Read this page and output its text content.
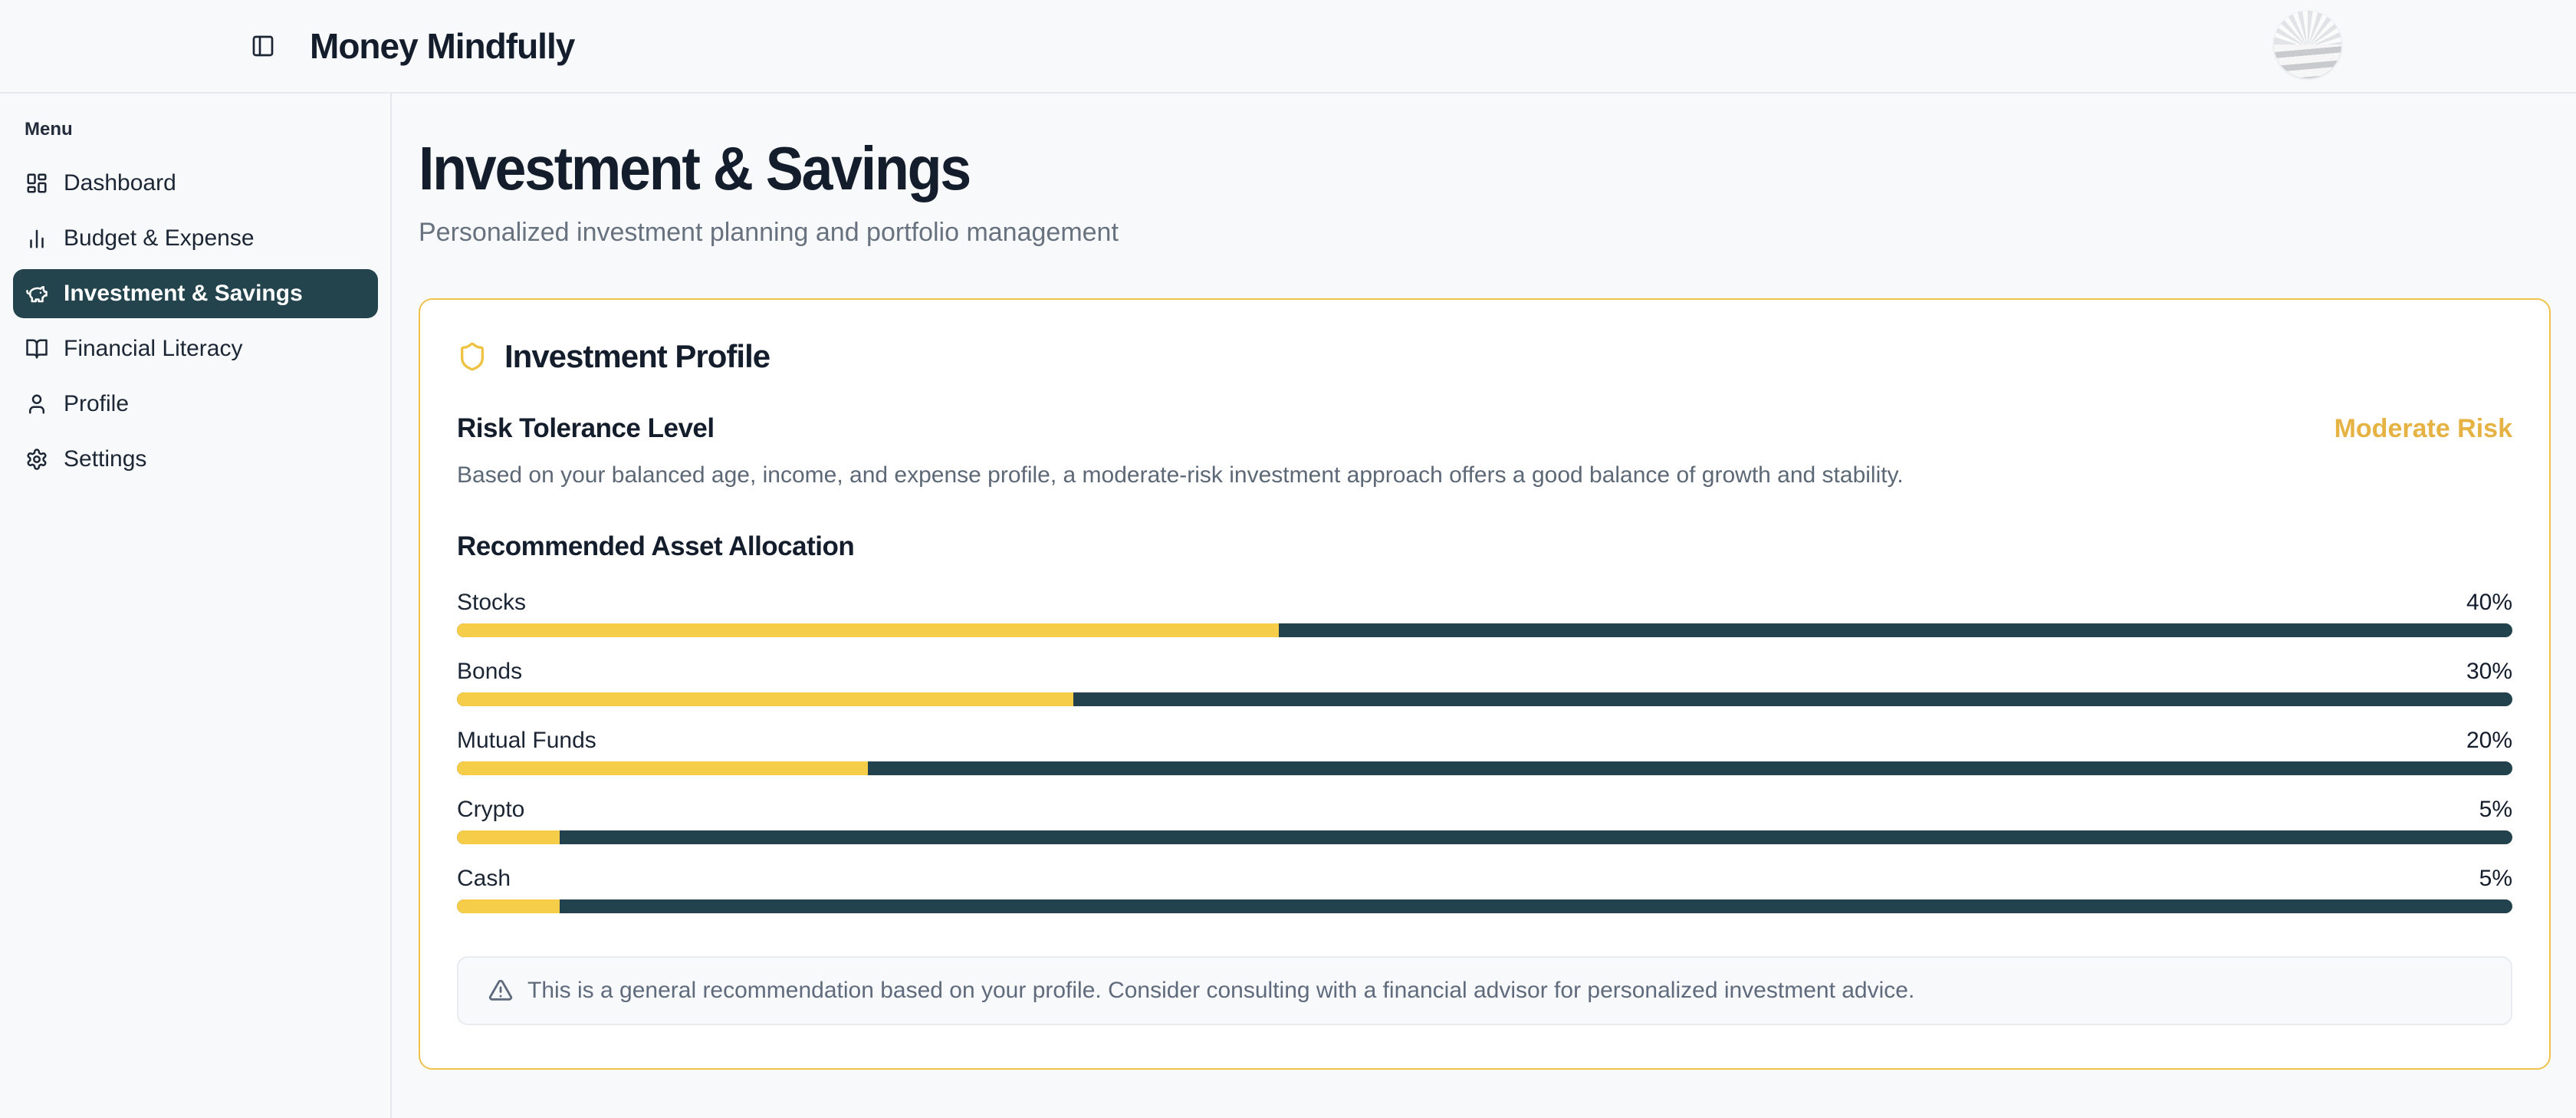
Money Mindfully
Menu
Dashboard
Budget & Expense
Investment & Savings
Financial Literacy
Profile
Settings
Investment & Savings
Personalized investment planning and portfolio management
Investment Profile
Risk Tolerance Level	Moderate Risk
Based on your balanced age, income, and expense profile, a moderate-risk investment approach offers a good balance of growth and stability.
Recommended Asset Allocation
Stocks	40%
Bonds	30%
Mutual Funds	20%
Crypto	5%
Cash	5%
This is a general recommendation based on your profile. Consider consulting with a financial advisor for personalized investment advice.
